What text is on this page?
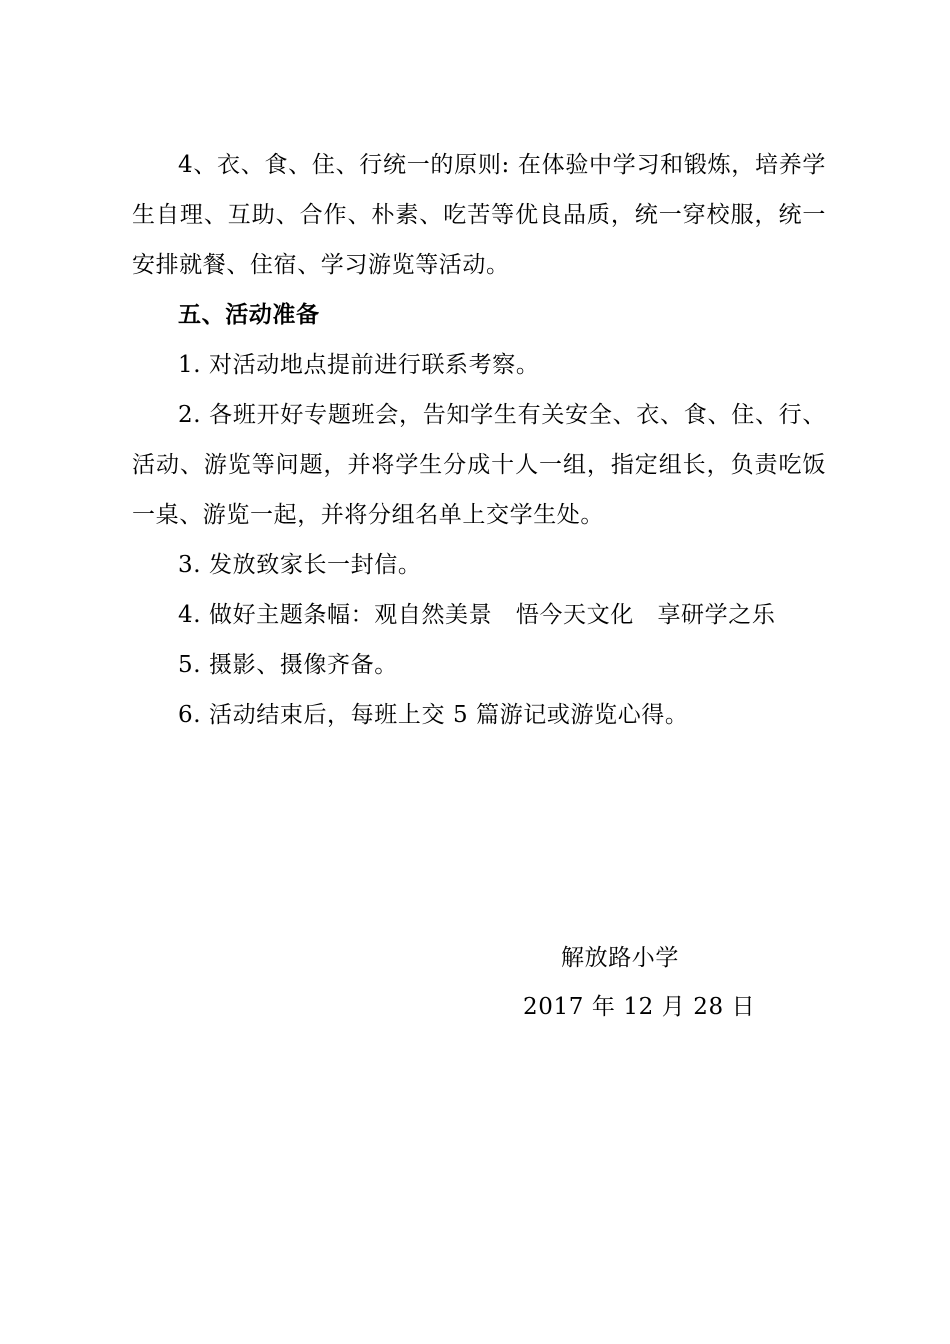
4、衣、食、住、行统一的原则: 在体验中学习和锻炼，培养学生自理、互助、合作、朴素、吃苦等优良品质，统一穿校服，统一安排就餐、住宿、学习游览等活动。

五、活动准备

1. 对活动地点提前进行联系考察。

2. 各班开好专题班会，告知学生有关安全、衣、食、住、行、活动、游览等问题，并将学生分成十人一组，指定组长，负责吃饭一桌、游览一起，并将分组名单上交学生处。

3. 发放致家长一封信。

4. 做好主题条幅：观自然美景　悟今天文化　享研学之乐

5. 摄影、摄像齐备。

6. 活动结束后，每班上交 5 篇游记或游览心得。

解放路小学
2017 年 12 月 28 日
